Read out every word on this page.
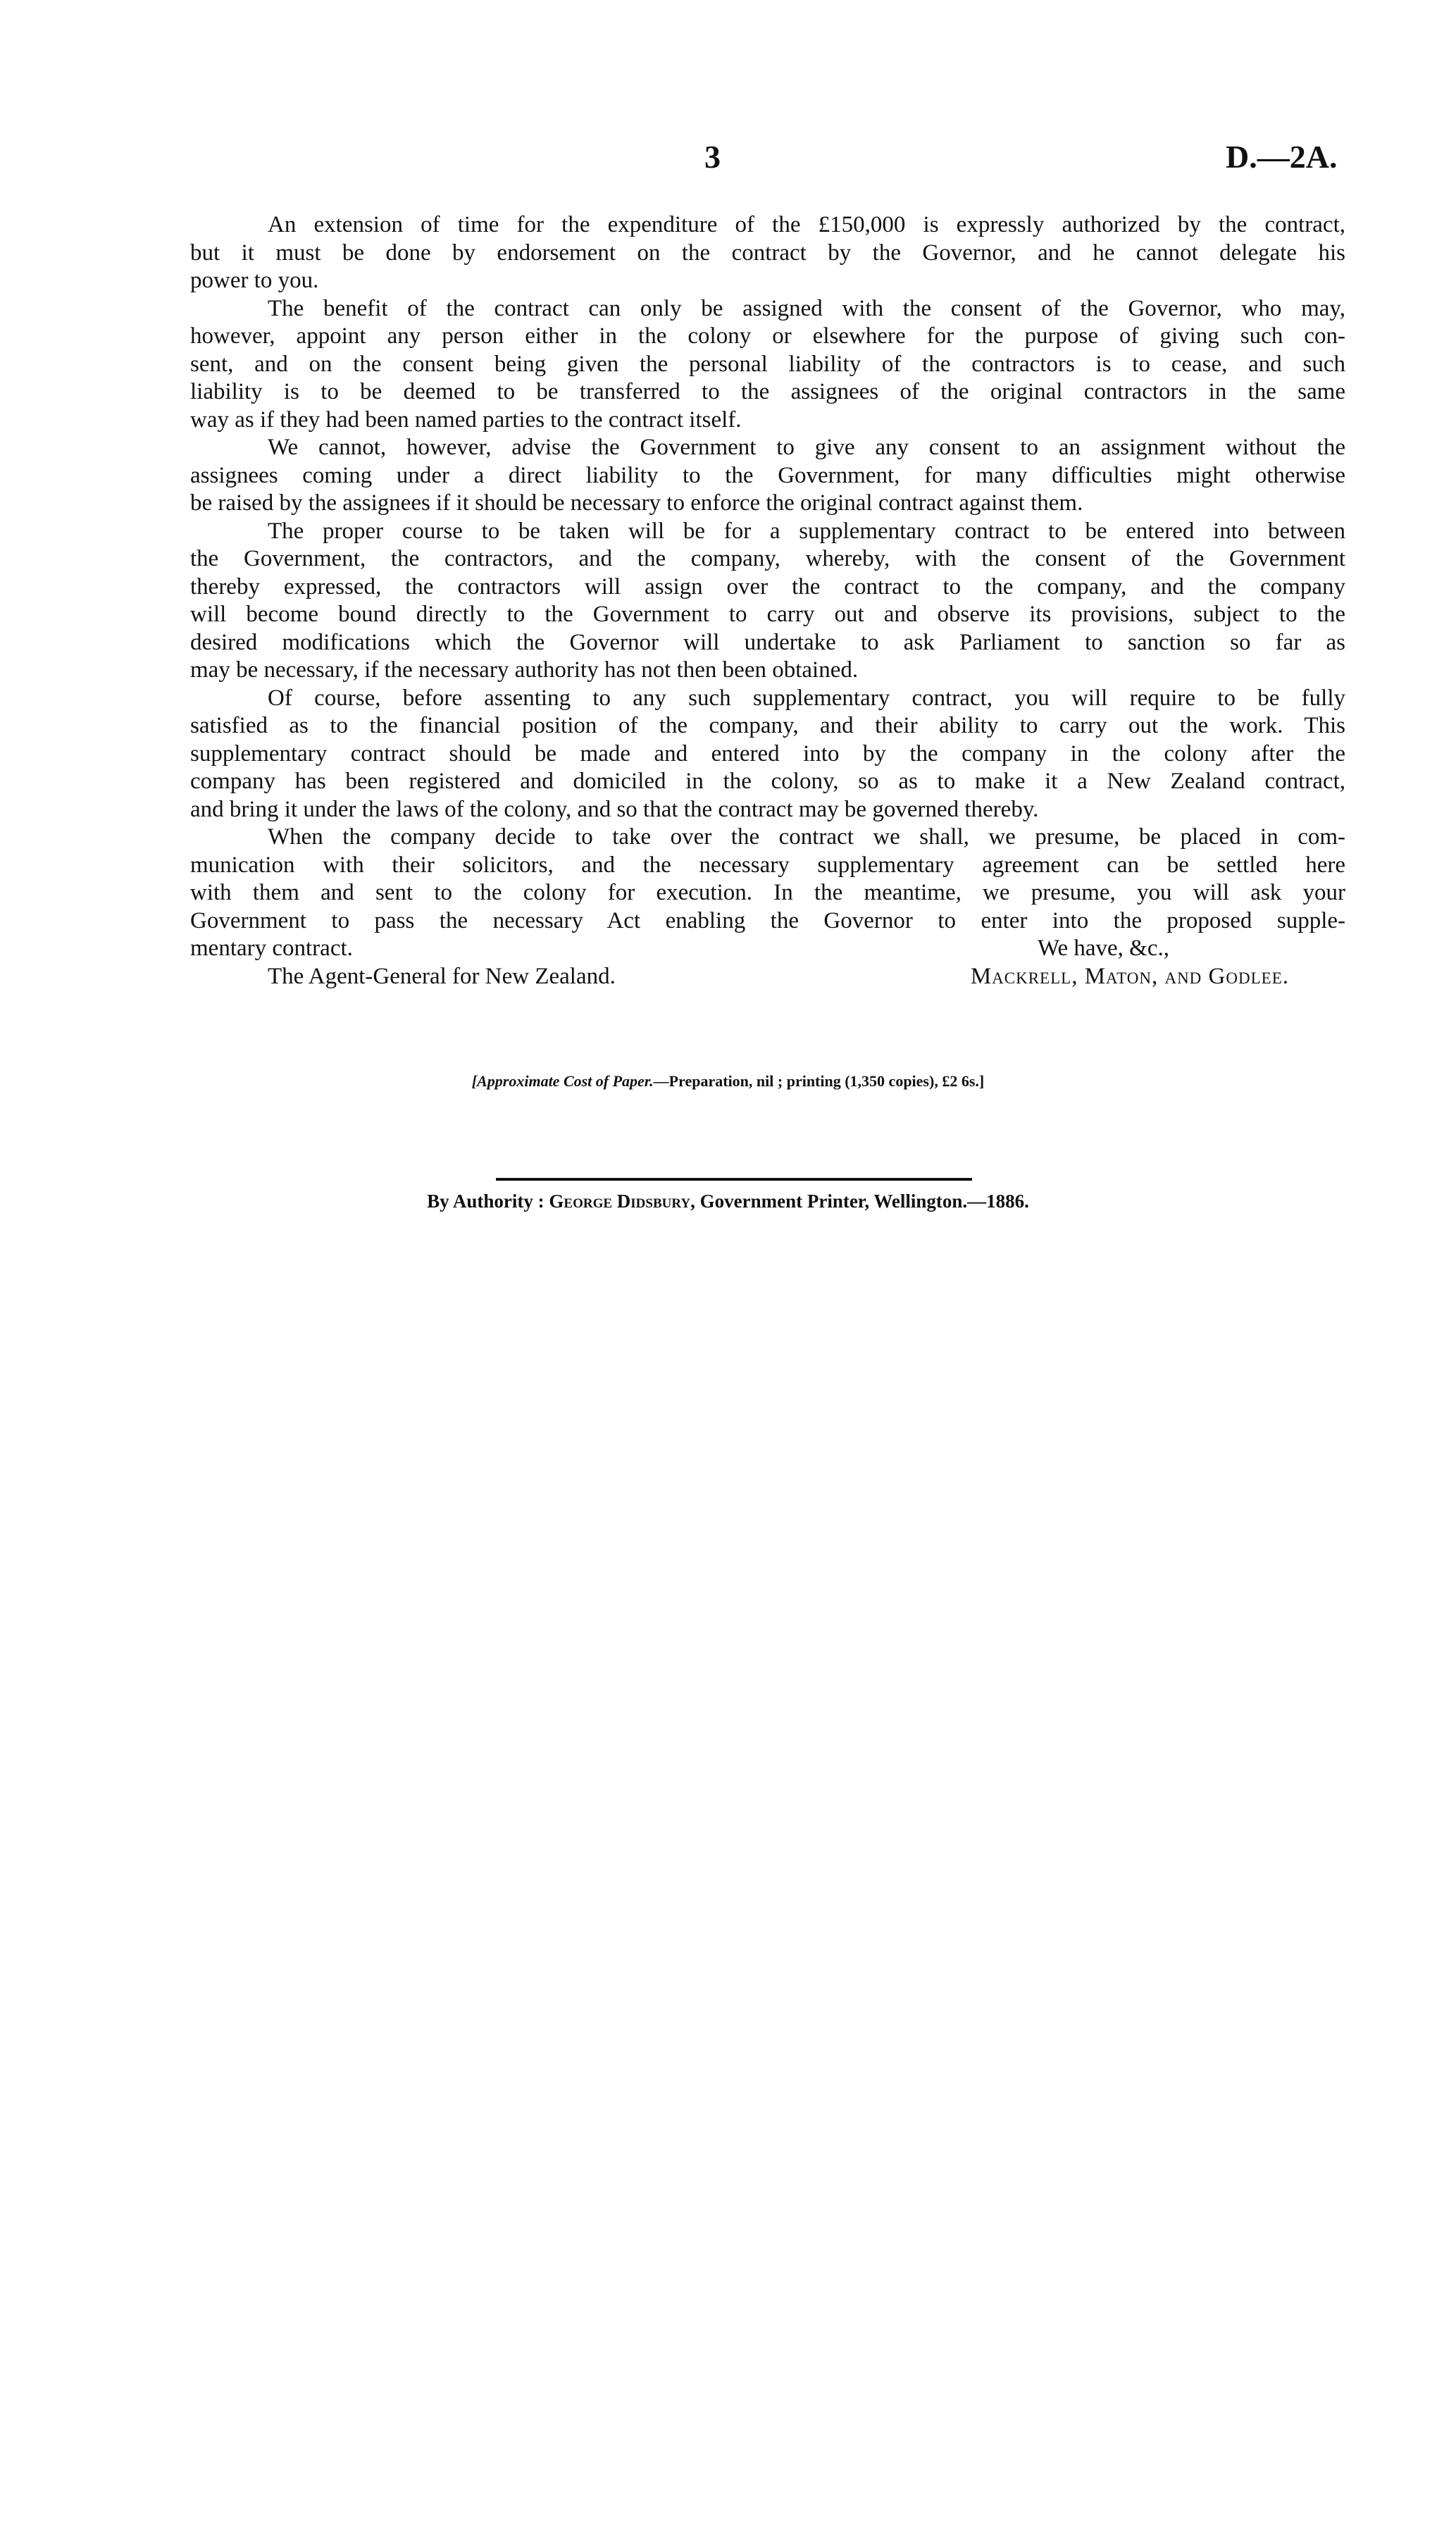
3	D.—2A.
An extension of time for the expenditure of the £150,000 is expressly authorized by the contract,
but it must be done by endorsement on the contract by the Governor, and he cannot delegate his
power to you.
The benefit of the contract can only be assigned with the consent of the Governor, who may,
however, appoint any person either in the colony or elsewhere for the purpose of giving such con-
sent, and on the consent being given the personal liability of the contractors is to cease, and such
liability is to be deemed to be transferred to the assignees of the original contractors in the same
way as if they had been named parties to the contract itself.
We cannot, however, advise the Government to give any consent to an assignment without the
assignees coming under a direct liability to the Government, for many difficulties might otherwise
be raised by the assignees if it should be necessary to enforce the original contract against them.
The proper course to be taken will be for a supplementary contract to be entered into between
the Government, the contractors, and the company, whereby, with the consent of the Government
thereby expressed, the contractors will assign over the contract to the company, and the company
will become bound directly to the Government to carry out and observe its provisions, subject to the
desired modifications which the Governor will undertake to ask Parliament to sanction so far as
may be necessary, if the necessary authority has not then been obtained.
Of course, before assenting to any such supplementary contract, you will require to be fully
satisfied as to the financial position of the company, and their ability to carry out the work. This
supplementary contract should be made and entered into by the company in the colony after the
company has been registered and domiciled in the colony, so as to make it a New Zealand contract,
and bring it under the laws of the colony, and so that the contract may be governed thereby.
When the company decide to take over the contract we shall, we presume, be placed in com-
munication with their solicitors, and the necessary supplementary agreement can be settled here
with them and sent to the colony for execution. In the meantime, we presume, you will ask your
Government to pass the necessary Act enabling the Governor to enter into the proposed supple-
mentary contract.	We have, &c.,
The Agent-General for New Zealand.	Mackrell, Maton, and Godlee.
[Approximate Cost of Paper.—Preparation, nil ; printing (1,350 copies), £2 6s.]
By Authority : George Didsbury, Government Printer, Wellington.—1886.
